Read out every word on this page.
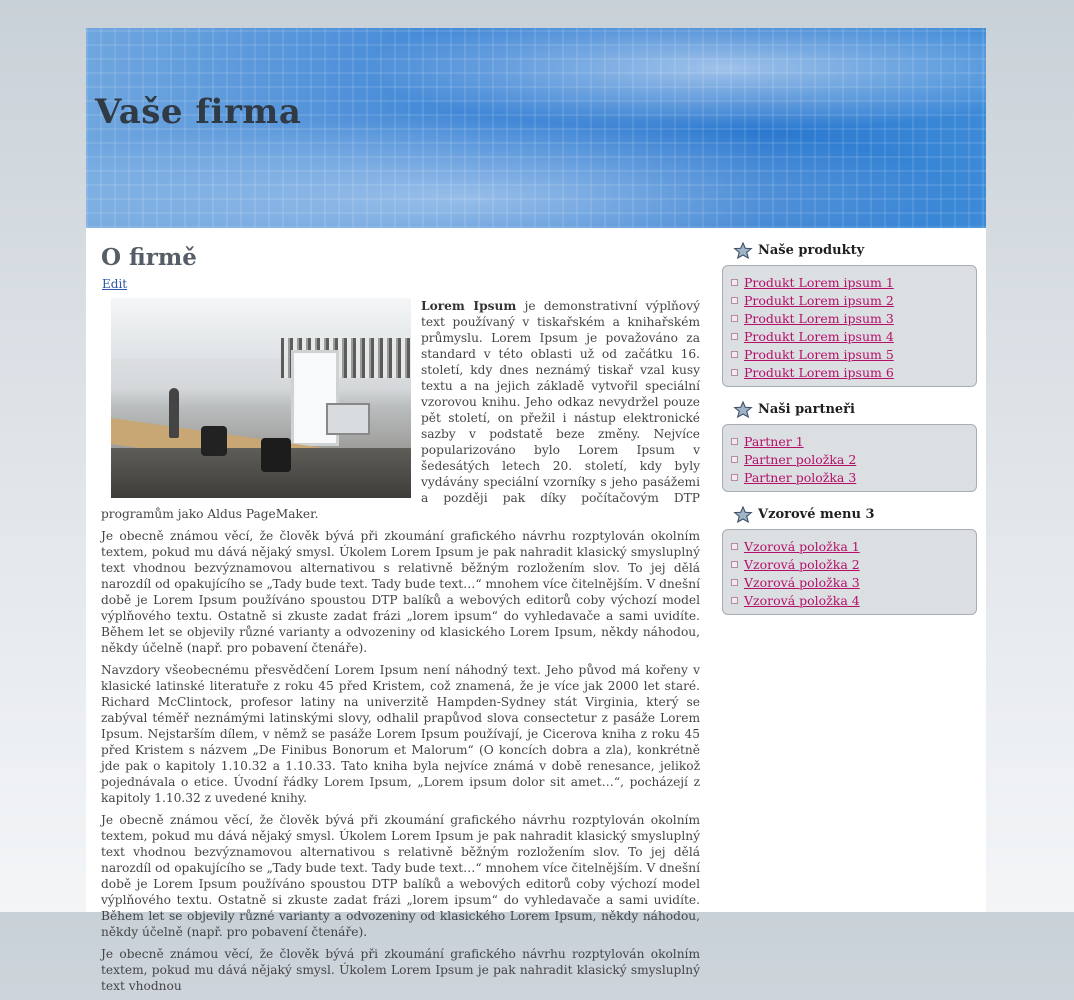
Vaše firma
O firmě
Edit

Lorem Ipsum je demonstrativní výplňový text používaný v tiskařském a knihařském průmyslu. Lorem Ipsum je považováno za standard v této oblasti už od začátku 16. století, kdy dnes neznámý tiskař vzal kusy textu a na jejich základě vytvořil speciální vzorovou knihu. Jeho odkaz nevydržel pouze pět století, on přežil i nástup elektronické sazby v podstatě beze změny. Nejvíce popularizováno bylo Lorem Ipsum v šedesátých letech 20. století, kdy byly vydávány speciální vzorníky s jeho pasážemi a později pak díky počítačovým DTP programům jako Aldus PageMaker.

Je obecně známou věcí, že člověk bývá při zkoumání grafického návrhu rozptylován okolním textem, pokud mu dává nějaký smysl. Úkolem Lorem Ipsum je pak nahradit klasický smysluplný text vhodnou bezvýznamovou alternativou s relativně běžným rozložením slov. To jej dělá narozdíl od opakujícího se „Tady bude text. Tady bude text…“ mnohem více čitelnějším. V dnešní době je Lorem Ipsum používáno spoustou DTP balíků a webových editorů coby výchozí model výplňového textu. Ostatně si zkuste zadat frázi „lorem ipsum“ do vyhledavače a sami uvidíte. Během let se objevily různé varianty a odvozeniny od klasického Lorem Ipsum, někdy náhodou, někdy účelně (např. pro pobavení čtenáře).

Navzdory všeobecnému přesvědčení Lorem Ipsum není náhodný text. Jeho původ má kořeny v klasické latinské literatuře z roku 45 před Kristem, což znamená, že je více jak 2000 let staré. Richard McClintock, profesor latiny na univerzitě Hampden-Sydney stát Virginia, který se zabýval téměř neznámými latinskými slovy, odhalil prapůvod slova consectetur z pasáže Lorem Ipsum. Nejstarším dílem, v němž se pasáže Lorem Ipsum používají, je Cicerova kniha z roku 45 před Kristem s názvem „De Finibus Bonorum et Malorum“ (O koncích dobra a zla), konkrétně jde pak o kapitoly 1.10.32 a 1.10.33. Tato kniha byla nejvíce známá v době renesance, jelikož pojednávala o etice. Úvodní řádky Lorem Ipsum, „Lorem ipsum dolor sit amet…“, pocházejí z kapitoly 1.10.32 z uvedené knihy.

Je obecně známou věcí, že člověk bývá při zkoumání grafického návrhu rozptylován okolním textem, pokud mu dává nějaký smysl. Úkolem Lorem Ipsum je pak nahradit klasický smysluplný text vhodnou bezvýznamovou alternativou s relativně běžným rozložením slov. To jej dělá narozdíl od opakujícího se „Tady bude text. Tady bude text…“ mnohem více čitelnějším. V dnešní době je Lorem Ipsum používáno spoustou DTP balíků a webových editorů coby výchozí model výplňového textu. Ostatně si zkuste zadat frázi „lorem ipsum“ do vyhledavače a sami uvidíte. Během let se objevily různé varianty a odvozeniny od klasického Lorem Ipsum, někdy náhodou, někdy účelně (např. pro pobavení čtenáře).

Je obecně známou věcí, že člověk bývá při zkoumání grafického návrhu rozptylován okolním textem, pokud mu dává nějaký smysl. Úkolem Lorem Ipsum je pak nahradit klasický smysluplný text vhodnou

Naše produkty
Produkt Lorem ipsum 1
Produkt Lorem ipsum 2
Produkt Lorem ipsum 3
Produkt Lorem ipsum 4
Produkt Lorem ipsum 5
Produkt Lorem ipsum 6
Naši partneři
Partner 1
Partner položka 2
Partner položka 3
Vzorové menu 3
Vzorová položka 1
Vzorová položka 2
Vzorová položka 3
Vzorová položka 4
